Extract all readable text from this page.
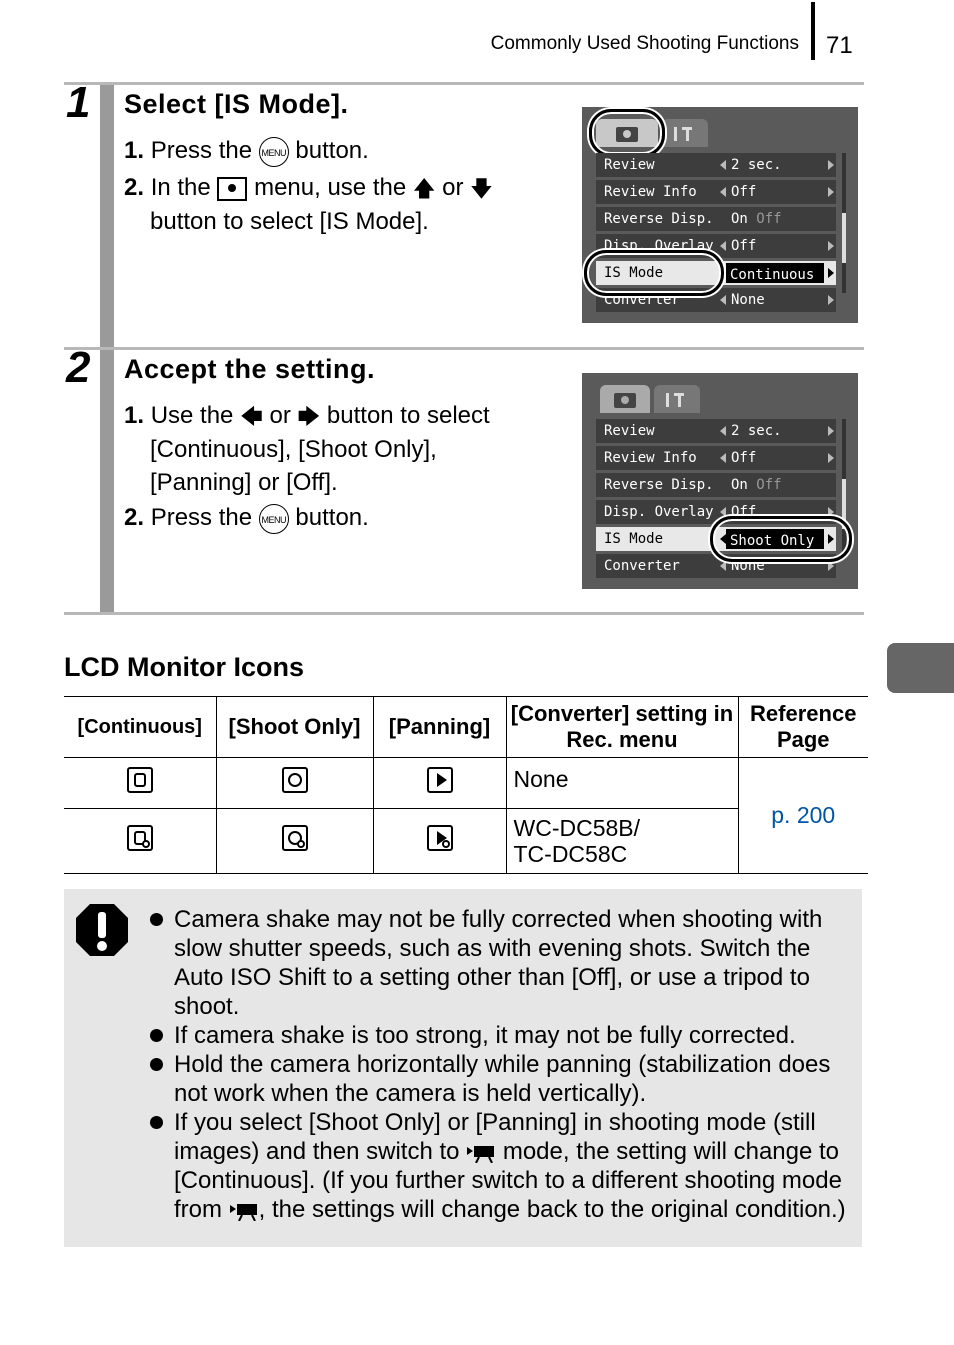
Commonly Used Shooting Functions 71
1 Select [IS Mode].
1. Press the MENU button.
2. In the menu, use the 🡅 or 🡇
button to select [IS Mode].
Review	2 sec.
Review Info Off
Reverse Disp. On Off
Disp. Overlay Off
IS Mode	Continuous
Converter	None
2 Accept the setting.
1. Use the 🡄 or 🡆 button to select
[Continuous], [Shoot Only],
[Panning] or [Off].
2. Press the MENU button.
Review	2 sec.
Review Info Off
Reverse Disp. On Off
Disp. Overlay Off
IS Mode	Shoot Only
Converter	None
LCD Monitor Icons
[Continuous]	[Shoot Only]	[Panning]	[Converter] setting in Rec. menu	Reference Page
			None	p. 200

			WC-DC58B/
TC-DC58C	
Camera shake may not be fully corrected when shooting with slow shutter speeds, such as with evening shots. Switch the Auto ISO Shift to a setting other than [Off], or use a tripod to shoot.
If camera shake is too strong, it may not be fully corrected.
Hold the camera horizontally while panning (stabilization does not work when the camera is held vertically).
If you select [Shoot Only] or [Panning] in shooting mode (still images) and then switch to mode, the setting will change to [Continuous]. (If you further switch to a different shooting mode from , the settings will change back to the original condition.)
